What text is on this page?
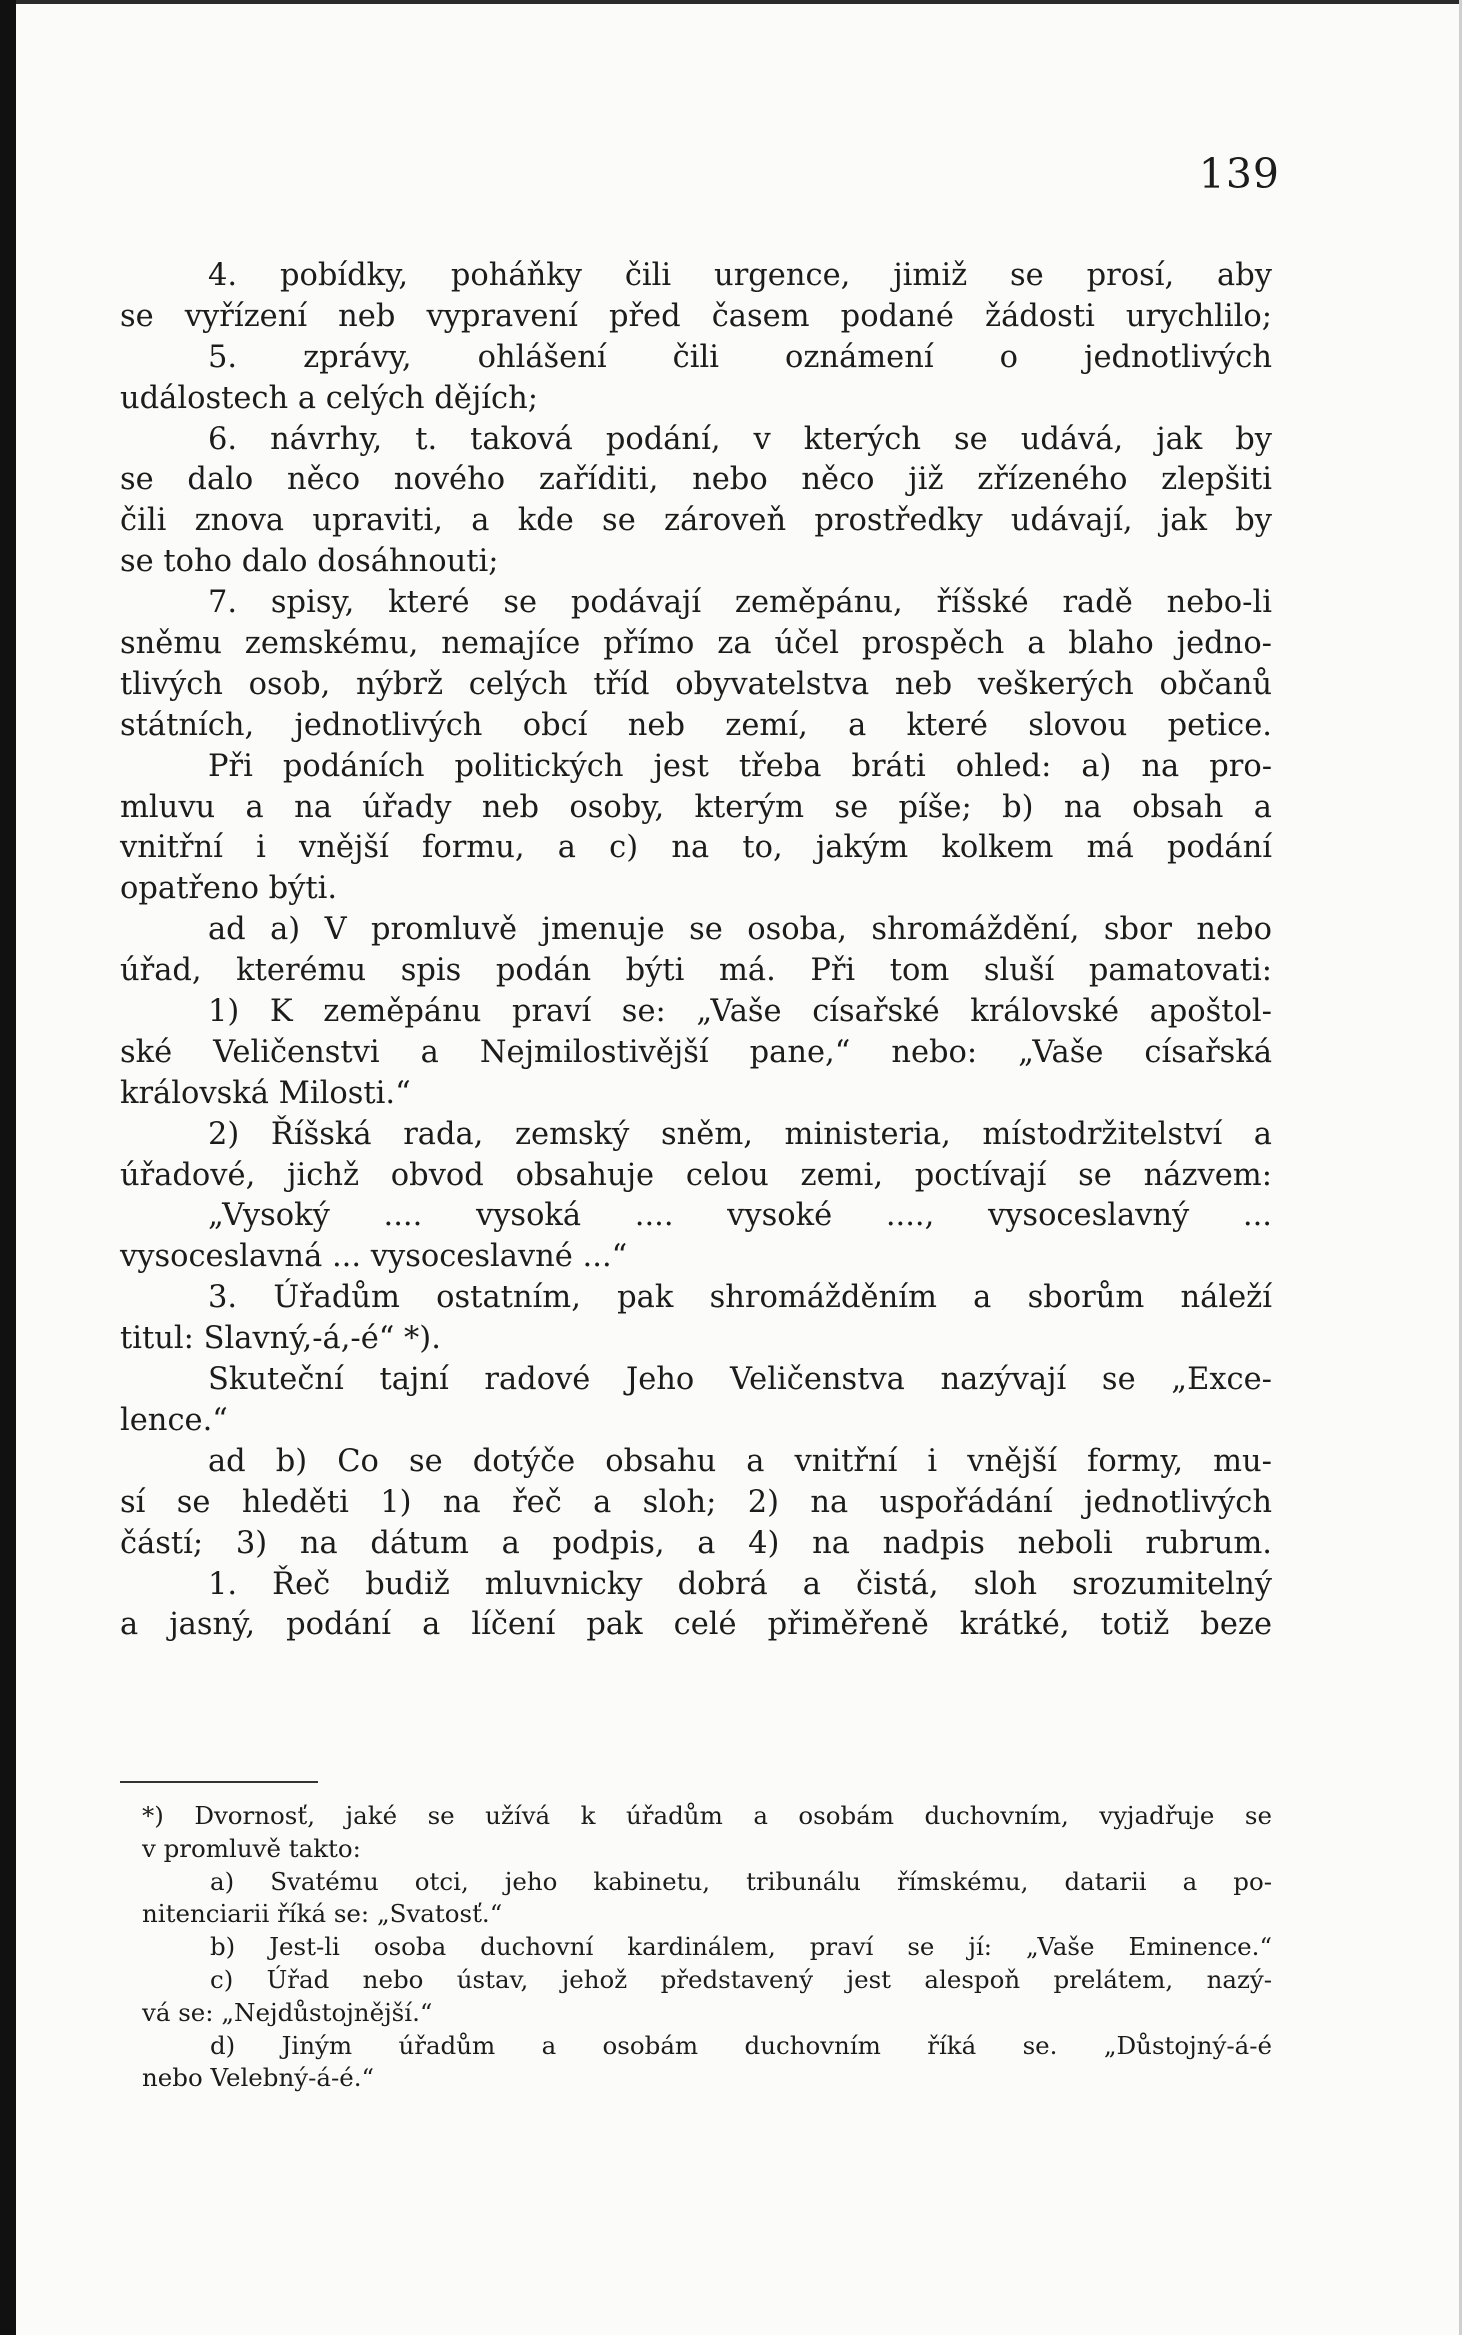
139
4. pobídky, poháňky čili urgence, jimiž se prosí, aby
se vyřízení neb vypravení před časem podané žádosti urychlilo;
5. zprávy, ohlášení čili oznámení o jednotlivých
událostech a celých dějích;
6. návrhy, t. taková podání, v kterých se udává, jak by
se dalo něco nového zaříditi, nebo něco již zřízeného zlepšiti
čili znova upraviti, a kde se zároveň prostředky udávají, jak by
se toho dalo dosáhnouti;
7. spisy, které se podávají zeměpánu, říšské radě nebo-li
sněmu zemskému, nemajíce přímo za účel prospěch a blaho jedno-
tlivých osob, nýbrž celých tříd obyvatelstva neb veškerých občanů
státních, jednotlivých obcí neb zemí, a které slovou petice.
Při podáních politických jest třeba bráti ohled: a) na pro-
mluvu a na úřady neb osoby, kterým se píše; b) na obsah a
vnitřní i vnější formu, a c) na to, jakým kolkem má podání
opatřeno býti.
ad a) V promluvě jmenuje se osoba, shromáždění, sbor nebo
úřad, kterému spis podán býti má. Při tom sluší pamatovati:
1) K zeměpánu praví se: „Vaše císařské královské apoštol-
ské Veličenstvi a Nejmilostivější pane,“ nebo: „Vaše císařská
královská Milosti.“
2) Říšská rada, zemský sněm, ministeria, místodržitelství a
úřadové, jichž obvod obsahuje celou zemi, poctívají se názvem:
„Vysoký .... vysoká .... vysoké ...., vysoceslavný ...
vysoceslavná ... vysoceslavné ...“
3. Úřadům ostatním, pak shromážděním a sborům náleží
titul: Slavný,-á,-é“ *).
Skuteční tajní radové Jeho Veličenstva nazývají se „Exce-
lence.“
ad b) Co se dotýče obsahu a vnitřní i vnější formy, mu-
sí se hleděti 1) na řeč a sloh; 2) na uspořádání jednotlivých
částí; 3) na dátum a podpis, a 4) na nadpis neboli rubrum.
1. Řeč budiž mluvnicky dobrá a čistá, sloh srozumitelný
a jasný, podání a líčení pak celé přiměřeně krátké, totiž beze
*) Dvornosť, jaké se užívá k úřadům a osobám duchovním, vyjadřuje se
v promluvě takto:
a) Svatému otci, jeho kabinetu, tribunálu římskému, datarii a po-
nitenciarii říká se: „Svatosť.“
b) Jest-li osoba duchovní kardinálem, praví se jí: „Vaše Eminence.“
c) Úřad nebo ústav, jehož představený jest alespoň prelátem, nazý-
vá se: „Nejdůstojnější.“
d) Jiným úřadům a osobám duchovním říká se. „Důstojný-á-é
nebo Velebný-á-é.“
